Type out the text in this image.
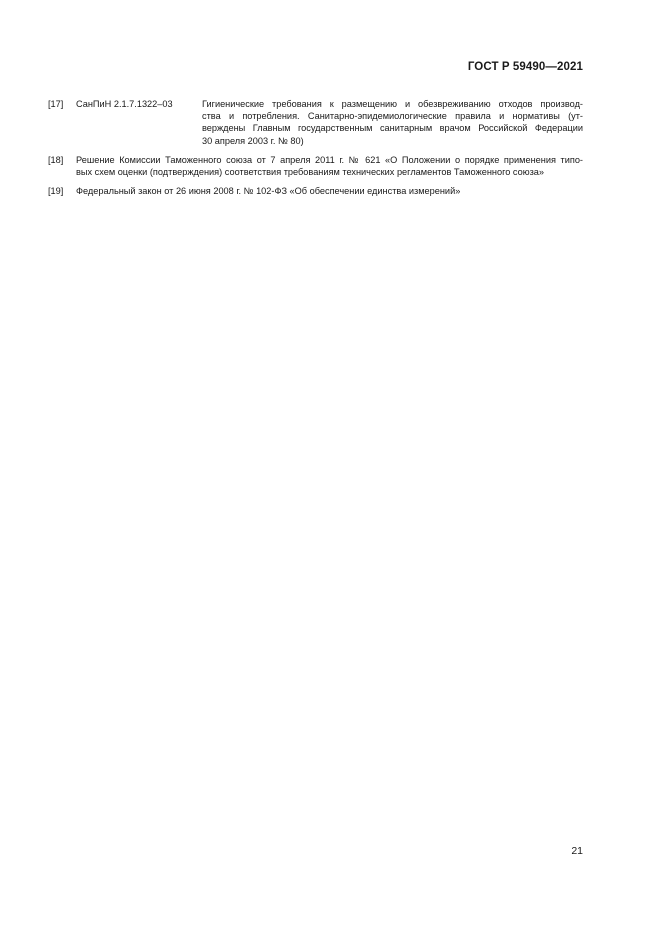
ГОСТ Р 59490—2021
[17] СанПиН 2.1.7.1322–03	Гигиенические требования к размещению и обезвреживанию отходов производ-
ства и потребления. Санитарно-эпидемиологические правила и нормативы (ут-
верждены Главным государственным санитарным врачом Российской Федерации
30 апреля 2003 г. № 80)
[18] Решение Комиссии Таможенного союза от 7 апреля 2011 г. № 621 «О Положении о порядке применения типо-
вых схем оценки (подтверждения) соответствия требованиям технических регламентов Таможенного союза»
[19] Федеральный закон от 26 июня 2008 г. № 102-ФЗ «Об обеспечении единства измерений»
21
